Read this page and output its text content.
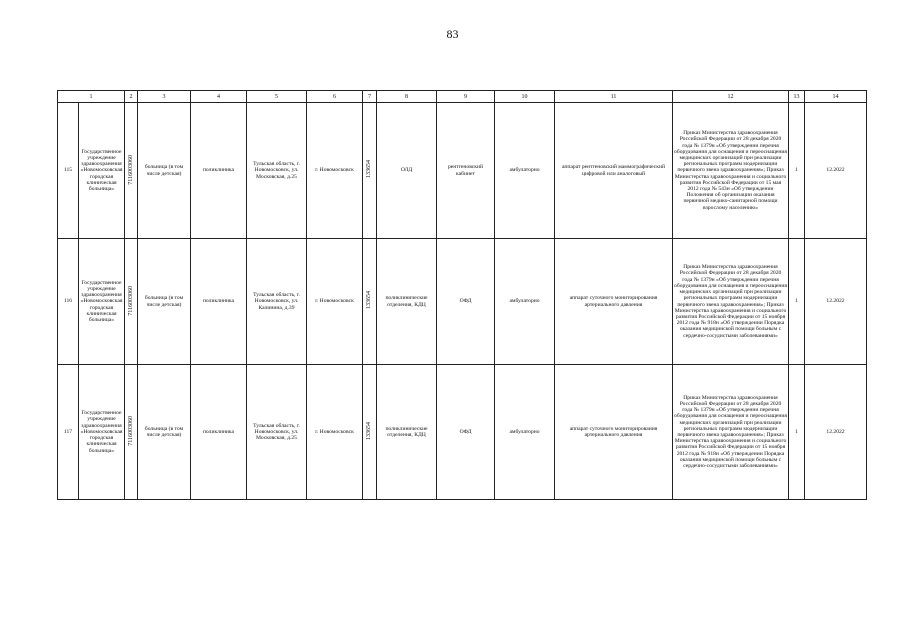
83
1		2	3	4	5	6	7	8	9	10	11	12	13	14
115	Государственное учреждение здравоохранения «Новомосковская городская клиническая больница»	7116003060	больница (в том числе детская)	поликлиника	Тульская область, г. Новомосковск, ул. Московская, д.25	г. Новомосковск	133654	ОЛД	рентгеновский кабинет	амбулаторно	аппарат рентгеновский маммографический цифровой или аналоговый	Приказ Министерства здравоохранения Российской Федерации от 28 декабря 2020 года № 1379н «Об утверждении перечня оборудования для оснащения и переоснащения медицинских организаций при реализации региональных программ модернизации первичного звена здравоохранения»; Приказ Министерства здравоохранения и социального развития Российской Федерации от 15 мая 2012 года № 543н «Об утверждении Положения об организации оказания первичной медико-санитарной помощи взрослому населению»	1	12.2022
116	Государственное учреждение здравоохранения «Новомосковская городская клиническая больница»	7116003060	больница (в том числе детская)	поликлиника	Тульская область, г. Новомосковск, ул. Калинина, д.39	г. Новомосковск	133654	поликлинические отделения, КДЦ	ОФД	амбулаторно	аппарат суточного мониторирования артериального давления	Приказ Министерства здравоохранения Российской Федерации от 28 декабря 2020 года № 1379н «Об утверждении перечня оборудования для оснащения и переоснащения медицинских организаций при реализации региональных программ модернизации первичного звена здравоохранения»; Приказ Министерства здравоохранения и социального развития Российской Федерации от 15 ноября 2012 года № 918н «Об утверждении Порядка оказания медицинской помощи больным с сердечно-сосудистыми заболеваниями»	1	12.2022
117	Государственное учреждение здравоохранения «Новомосковская городская клиническая больница»	7116003060	больница (в том числе детская)	поликлиника	Тульская область, г. Новомосковск, ул. Московская, д.25	г. Новомосковск	133654	поликлинические отделения, КДЦ	ОФД	амбулаторно	аппарат суточного мониторирования артериального давления	Приказ Министерства здравоохранения Российской Федерации от 28 декабря 2020 года № 1379н «Об утверждении перечня оборудования для оснащения и переоснащения медицинских организаций при реализации региональных программ модернизации первичного звена здравоохранения»; Приказ Министерства здравоохранения и социального развития Российской Федерации от 15 ноября 2012 года № 918н «Об утверждении Порядка оказания медицинской помощи больным с сердечно-сосудистыми заболеваниями»	1	12.2022
